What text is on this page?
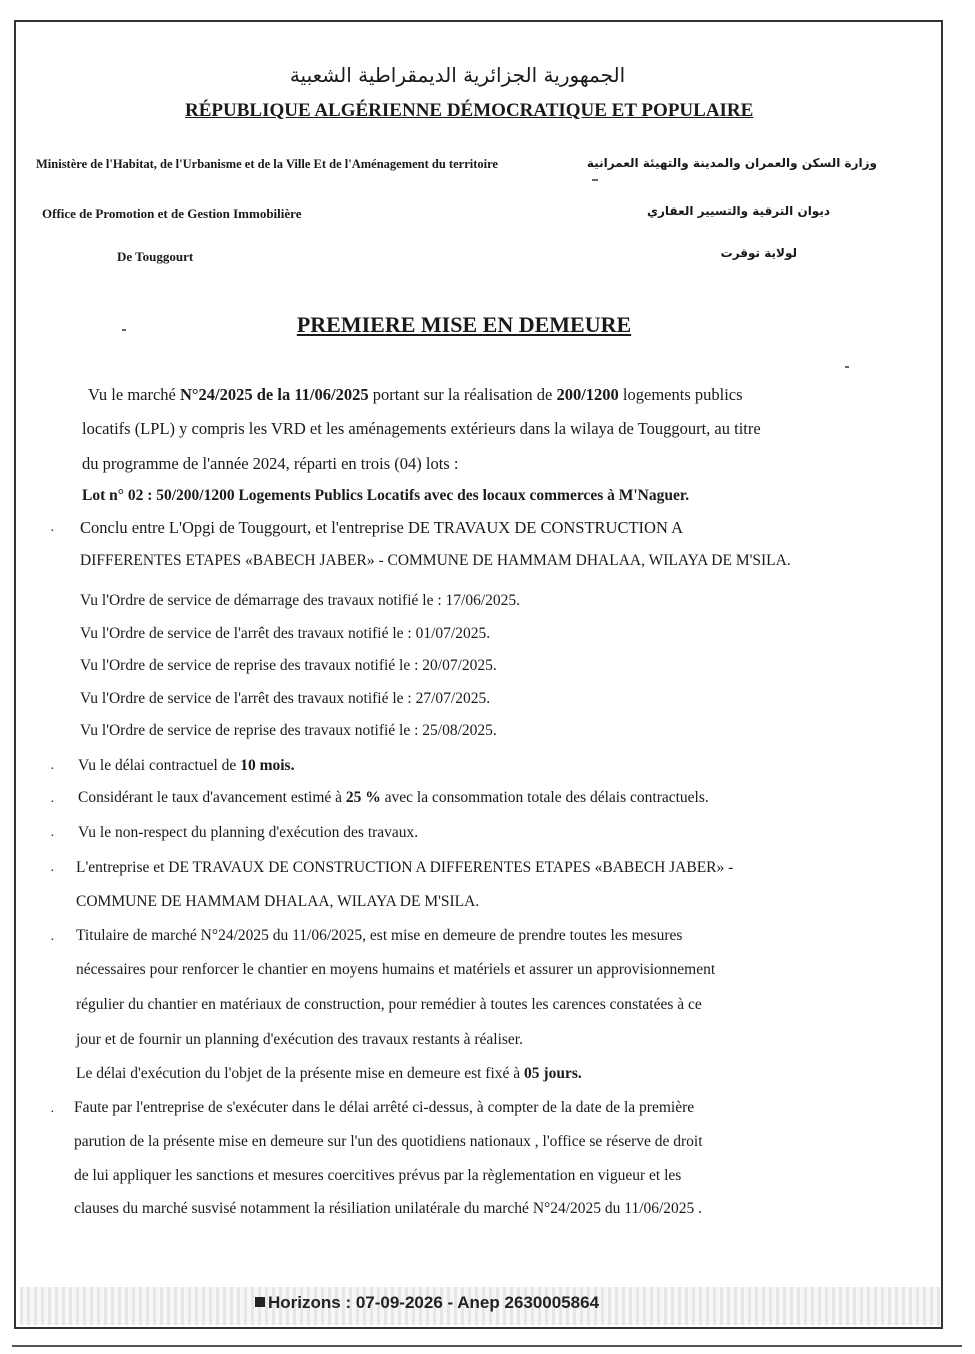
الجمهورية الجزائرية الديمقراطية الشعبية
RÉPUBLIQUE ALGÉRIENNE DÉMOCRATIQUE ET POPULAIRE
Ministère de l'Habitat, de l'Urbanisme et de la Ville Et de l'Aménagement du territoire	وزارة السكن والعمران والمدينة والتهيئة العمرانية
Office de Promotion et de Gestion Immobilière	ديوان الترقية والتسيير العقاري
De Touggourt	لولاية توقرت
PREMIERE MISE EN DEMEURE
Vu le marché N°24/2025 de la 11/06/2025 portant sur la réalisation de 200/1200 logements publics
locatifs (LPL) y compris les VRD et les aménagements extérieurs dans la wilaya de Touggourt, au titre
du programme de l'année 2024, réparti en trois (04) lots :
Lot n° 02 : 50/200/1200 Logements Publics Locatifs avec des locaux commerces à M'Naguer.
· Conclu entre L'Opgi de Touggourt, et l'entreprise DE TRAVAUX DE CONSTRUCTION A
DIFFERENTES ETAPES «BABECH JABER» - COMMUNE DE HAMMAM DHALAA, WILAYA DE M'SILA.
Vu l'Ordre de service de démarrage des travaux notifié le : 17/06/2025.
Vu l'Ordre de service de l'arrêt des travaux notifié le : 01/07/2025.
Vu l'Ordre de service de reprise des travaux notifié le : 20/07/2025.
Vu l'Ordre de service de l'arrêt des travaux notifié le : 27/07/2025.
Vu l'Ordre de service de reprise des travaux notifié le : 25/08/2025.
· Vu le délai contractuel de 10 mois.
· Considérant le taux d'avancement estimé à 25 % avec la consommation totale des délais contractuels.
· Vu le non-respect du planning d'exécution des travaux.
· L'entreprise et DE TRAVAUX DE CONSTRUCTION A DIFFERENTES ETAPES «BABECH JABER» -
COMMUNE DE HAMMAM DHALAA, WILAYA DE M'SILA.
· Titulaire de marché N°24/2025 du 11/06/2025, est mise en demeure de prendre toutes les mesures
nécessaires pour renforcer le chantier en moyens humains et matériels et assurer un approvisionnement
régulier du chantier en matériaux de construction, pour remédier à toutes les carences constatées à ce
jour et de fournir un planning d'exécution des travaux restants à réaliser.
Le délai d'exécution du l'objet de la présente mise en demeure est fixé à 05 jours.
· Faute par l'entreprise de s'exécuter dans le délai arrêté ci-dessus, à compter de la date de la première
parution de la présente mise en demeure sur l'un des quotidiens nationaux , l'office se réserve de droit
de lui appliquer les sanctions et mesures coercitives prévus par la règlementation en vigueur et les
clauses du marché susvisé notamment la résiliation unilatérale du marché N°24/2025 du 11/06/2025 .
Horizons : 07-09-2026 - Anep 2630005864
